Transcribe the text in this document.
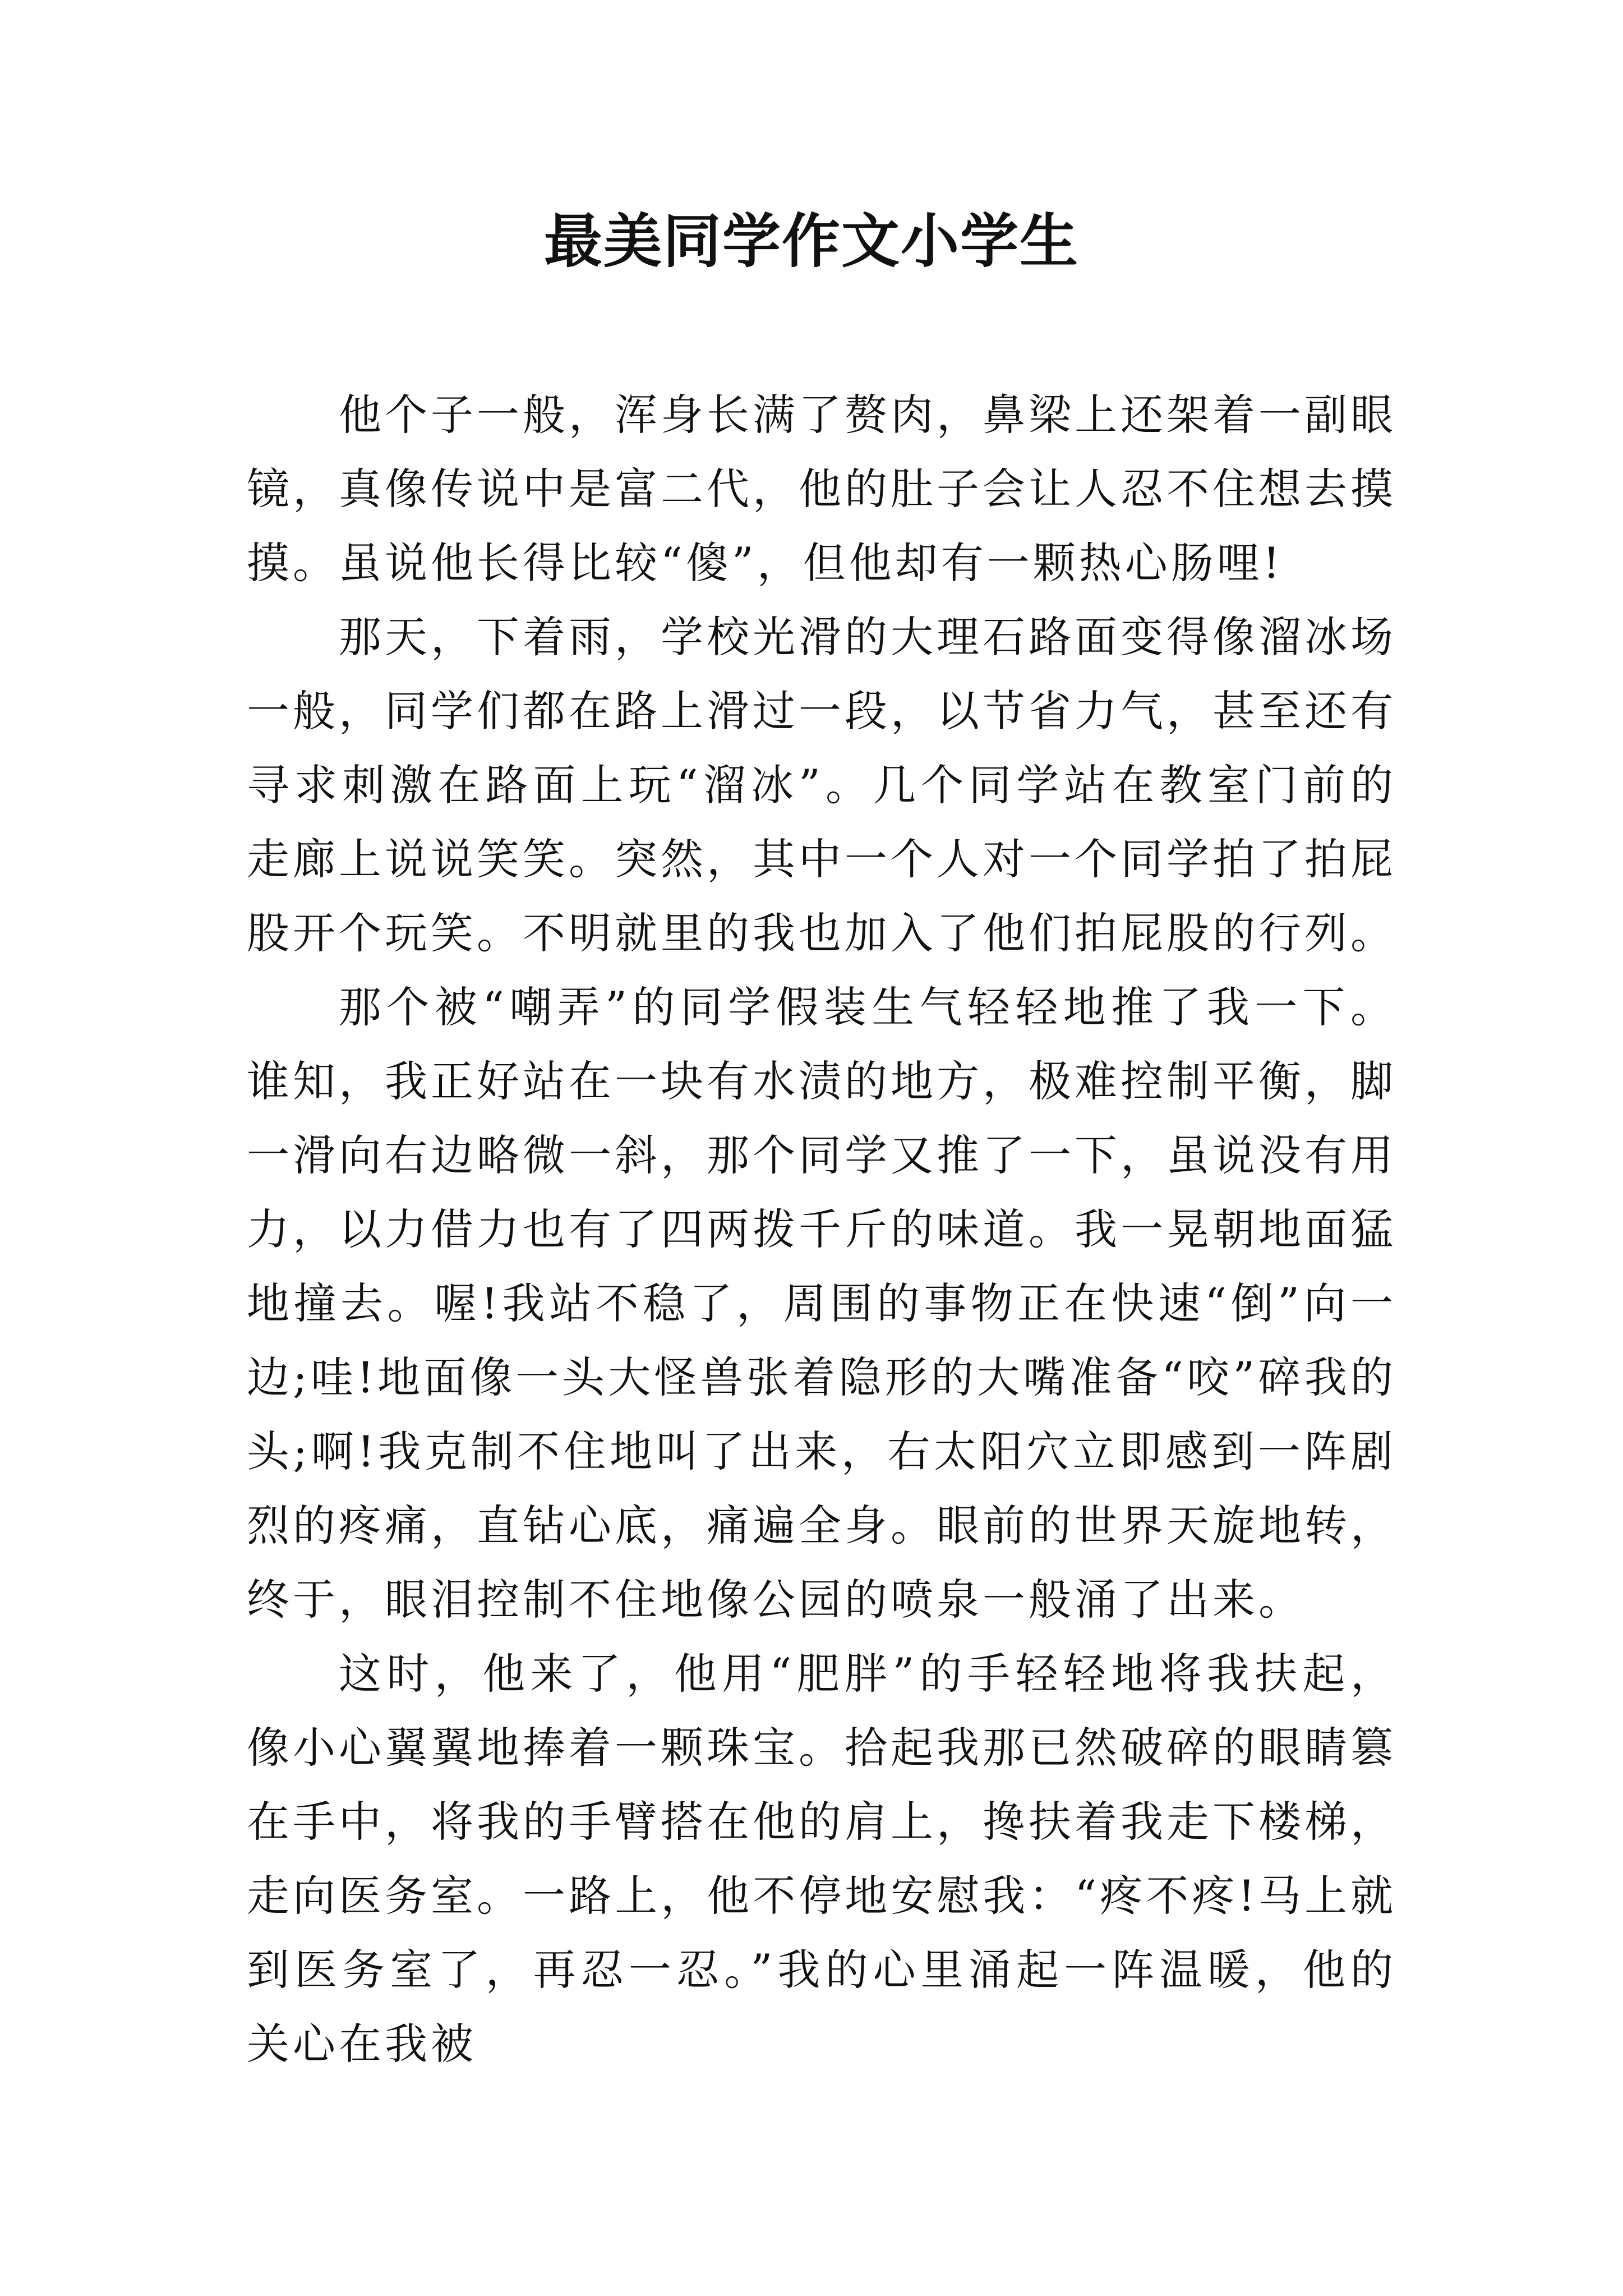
最美同学作文小学生

他个子一般，浑身长满了赘肉，鼻梁上还架着一副眼镜，真像传说中是富二代，他的肚子会让人忍不住想去摸摸。虽说他长得比较“傻”，但他却有一颗热心肠哩!

那天，下着雨，学校光滑的大理石路面变得像溜冰场一般，同学们都在路上滑过一段，以节省力气，甚至还有寻求刺激在路面上玩“溜冰”。几个同学站在教室门前的走廊上说说笑笑。突然，其中一个人对一个同学拍了拍屁股开个玩笑。不明就里的我也加入了他们拍屁股的行列。

那个被“嘲弄”的同学假装生气轻轻地推了我一下。谁知，我正好站在一块有水渍的地方，极难控制平衡，脚一滑向右边略微一斜，那个同学又推了一下，虽说没有用力，以力借力也有了四两拨千斤的味道。我一晃朝地面猛地撞去。喔!我站不稳了，周围的事物正在快速“倒”向一边;哇!地面像一头大怪兽张着隐形的大嘴准备“咬”碎我的头;啊!我克制不住地叫了出来，右太阳穴立即感到一阵剧烈的疼痛，直钻心底，痛遍全身。眼前的世界天旋地转，终于，眼泪控制不住地像公园的喷泉一般涌了出来。

这时，他来了，他用“肥胖”的手轻轻地将我扶起，像小心翼翼地捧着一颗珠宝。拾起我那已然破碎的眼睛篡在手中，将我的手臂搭在他的肩上，搀扶着我走下楼梯，走向医务室。一路上，他不停地安慰我：“疼不疼!马上就到医务室了，再忍一忍。”我的心里涌起一阵温暖，他的关心在我被
